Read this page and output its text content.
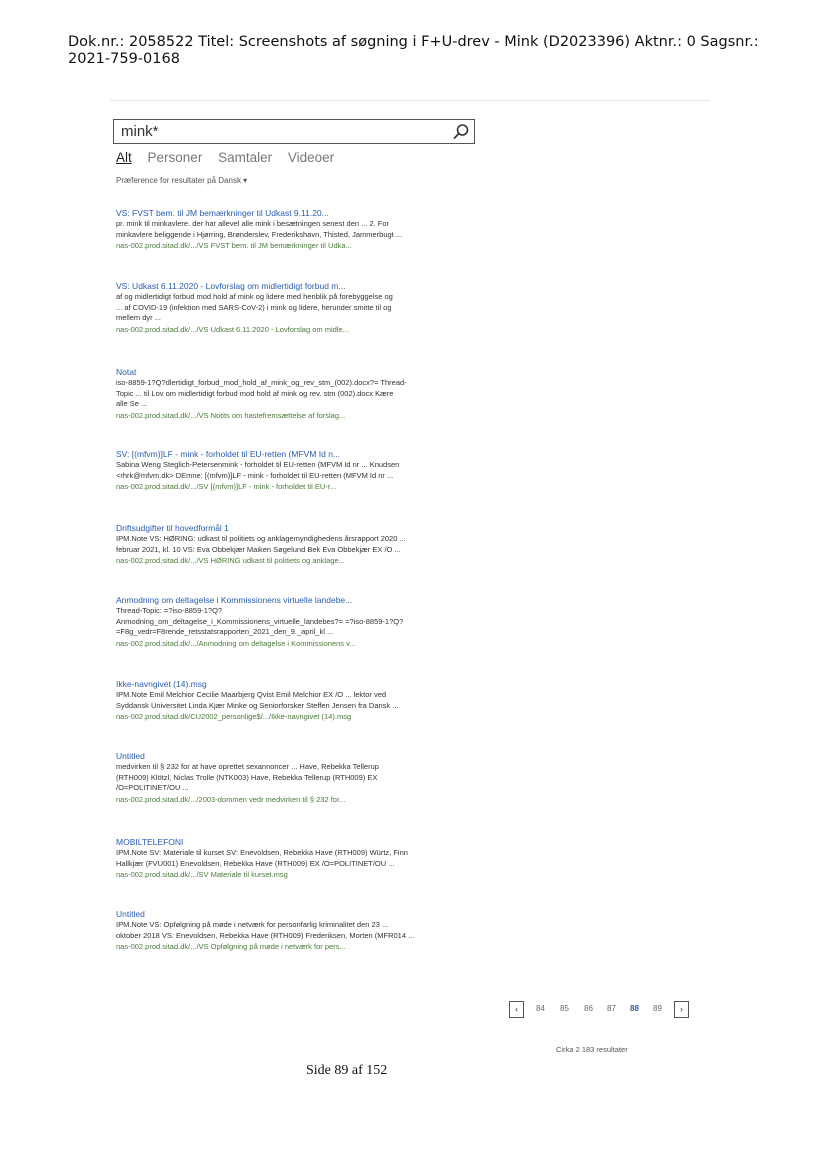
Dok.nr.: 2058522 Titel: Screenshots af søgning i F+U-drev - Mink (D2023396) Aktnr.: 0 Sagsnr.:
2021-759-0168
mink*
Alt Personer Samtaler Videoer
Præference for resultater på Dansk ▾
VS: FVST bem. til JM bemærkninger til Udkast 9.11.20...
pr. mink til minkavlere. der har allevel alle mink i besætningen senest den ... 2. For
minkavlere beliggende i Hjørring, Brønderslev, Frederikshavn, Thisted, Jammerbugt ...
nas-002.prod.sitad.dk/.../VS FVST bem. til JM bemærkninger til Udka...
VS: Udkast 6.11.2020 - Lovforslag om midlertidigt forbud m...
af og midlertidigt forbud mod hold af mink og lidere med henblik på forebyggelse og
... af COVID-19 (infektion med SARS-CoV-2) i mink og lidere, herunder smitte til og
mellem dyr ...
nas-002.prod.sitad.dk/.../VS Udkast 6.11.2020 - Lovforslag om midle...
Notat
iso-8859-1?Q?dlertidigt_forbud_mod_hold_af_mink_og_rev_stm_(002).docx?= Thread-
Topic ... til Lov om midlertidigt forbud mod hold af mink og rev. stm (002).docx Kære
alle Se ...
nas-002.prod.sitad.dk/.../VS Notits om hastefremsættelse af forslag...
SV: [(mfvm)]LF - mink - forholdet til EU-retten (MFVM Id n...
Sabina Weng Steglich-Petersenmink - forholdet til EU-retten (MFVM Id nr ... Knudsen
<rhrk@mfvm.dk> DEmne: [(mfvm)]LF - mink - forholdet til EU-retten (MFVM Id nr ...
nas-002.prod.sitad.dk/.../SV [(mfvm)]LF - mink - forholdet til EU-r...
Driftsudgifter til hovedformål 1
IPM.Note VS: HØRING: udkast til politiets og anklagemyndighedens årsrapport 2020 ...
februar 2021, kl. 10 VS: Eva Obbekjær Maiken Søgelund Bek Eva Obbekjær EX /O ...
nas-002.prod.sitad.dk/.../VS HØRING udkast til politiets og anklage...
Anmodning om deltagelse i Kommissionens virtuelle landebe...
Thread-Topic: =?iso-8859-1?Q?
Anmodning_om_deltagelse_i_Kommissionens_virtuelle_landebes?= =?iso-8859-1?Q?
=F8g_vedr=F8rende_retsstatsrapporten_2021_den_9._april_kl ...
nas-002.prod.sitad.dk/.../Anmodning om deltagelse i Kommissionens v...
Ikke-navngivet (14).msg
IPM.Note Emil Melchior Cecilie Maarbjerg Qvist Emil Melchior EX /O ... lektor ved
Syddansk Universitet Linda Kjær Minke og Seniorforsker Steffen Jensen fra Dansk ...
nas-002.prod.sitad.dk/CU2002_personlige$/.../Ikke-navngivet (14).msg
Untitled
medvirken til § 232 for at have oprettet sexannoncer ... Have, Rebekka Tellerup
(RTH009) Klötzl, Niclas Trolle (NTK003) Have, Rebekka Tellerup (RTH009) EX
/O=POLITINET/OU ...
nas-002.prod.sitad.dk/.../2003-dommen vedr medvirken til § 232 for...
MOBILTELEFONI
IPM.Note SV: Materiale til kurset SV: Enevoldsen, Rebekka Have (RTH009) Würtz, Finn
Hallkjær (FVU001) Enevoldsen, Rebekka Have (RTH009) EX /O=POLITINET/OU ...
nas-002.prod.sitad.dk/.../SV Materiale til kurset.msg
Untitled
IPM.Note VS: Opfølgning på møde i netværk for personfarlig kriminalitet den 23 ...
oktober 2018 VS: Enevoldsen, Rebekka Have (RTH009) Frederiksen, Morten (MFR014 ...
nas-002.prod.sitad.dk/.../VS Opfølgning på møde i netværk for pers...
‹	84 85 86 87 88 89	›
Cirka 2 183 resultater
Side 89 af 152
